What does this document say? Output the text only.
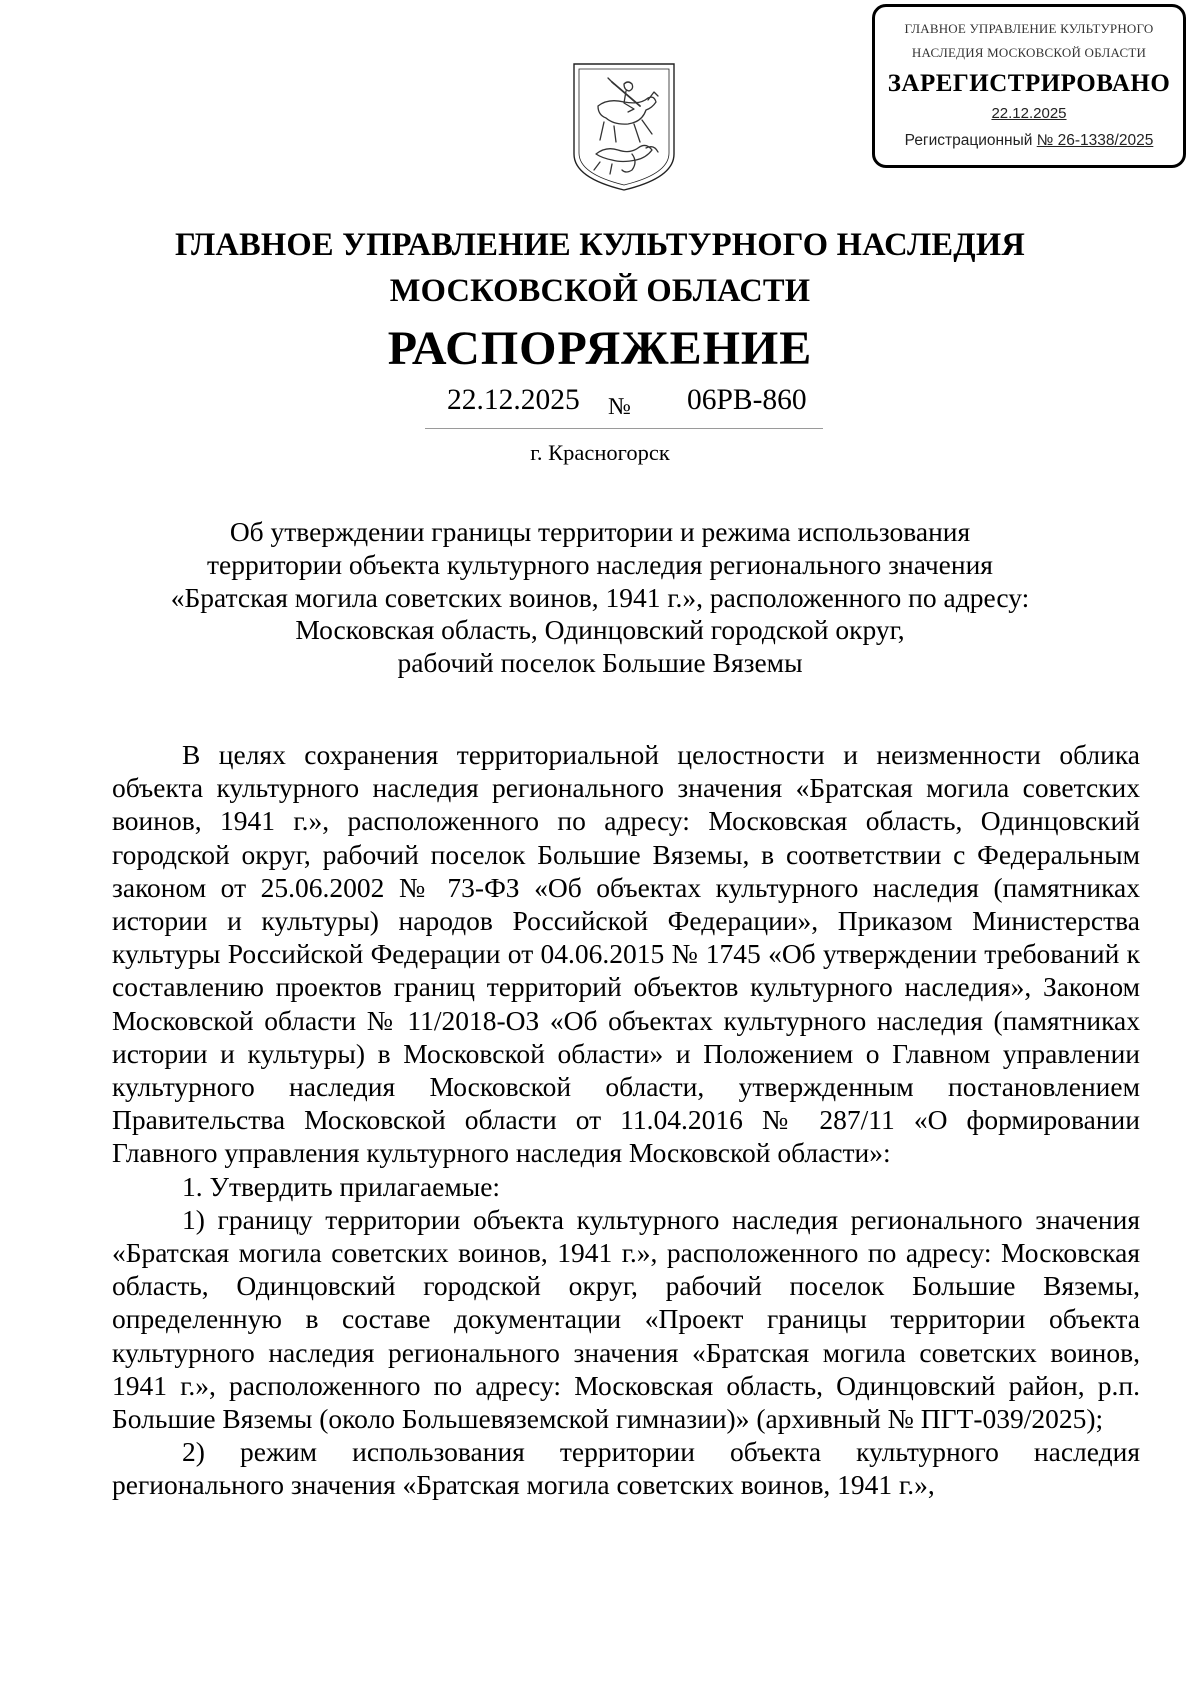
ГЛАВНОЕ УПРАВЛЕНИЕ КУЛЬТУРНОГО
НАСЛЕДИЯ МОСКОВСКОЙ ОБЛАСТИ
ЗАРЕГИСТРИРОВАНО
22.12.2025
Регистрационный № 26-1338/2025
ГЛАВНОЕ УПРАВЛЕНИЕ КУЛЬТУРНОГО НАСЛЕДИЯ
МОСКОВСКОЙ ОБЛАСТИ
РАСПОРЯЖЕНИЕ
22.12.2025 № 06РВ-860
г. Красногорск
Об утверждении границы территории и режима использования
территории объекта культурного наследия регионального значения
«Братская могила советских воинов, 1941 г.», расположенного по адресу:
Московская область, Одинцовский городской округ,
рабочий поселок Большие Вяземы

В целях сохранения территориальной целостности и неизменности облика объекта культурного наследия регионального значения «Братская могила советских воинов, 1941 г.», расположенного по адресу: Московская область, Одинцовский городской округ, рабочий поселок Большие Вяземы, в соответствии с Федеральным законом от 25.06.2002 № 73-ФЗ «Об объектах культурного наследия (памятниках истории и культуры) народов Российской Федерации», Приказом Министерства культуры Российской Федерации от 04.06.2015 № 1745 «Об утверждении требований к составлению проектов границ территорий объектов культурного наследия», Законом Московской области № 11/2018-ОЗ «Об объектах культурного наследия (памятниках истории и культуры) в Московской области» и Положением о Главном управлении культурного наследия Московской области, утвержденным постановлением Правительства Московской области от 11.04.2016 № 287/11 «О формировании Главного управления культурного наследия Московской области»:

1. Утвердить прилагаемые:

1) границу территории объекта культурного наследия регионального значения «Братская могила советских воинов, 1941 г.», расположенного по адресу: Московская область, Одинцовский городской округ, рабочий поселок Большие Вяземы, определенную в составе документации «Проект границы территории объекта культурного наследия регионального значения «Братская могила советских воинов, 1941 г.», расположенного по адресу: Московская область, Одинцовский район, р.п. Большие Вяземы (около Большевяземской гимназии)» (архивный № ПГТ-039/2025);

2) режим использования территории объекта культурного наследия регионального значения «Братская могила советских воинов, 1941 г.»,
